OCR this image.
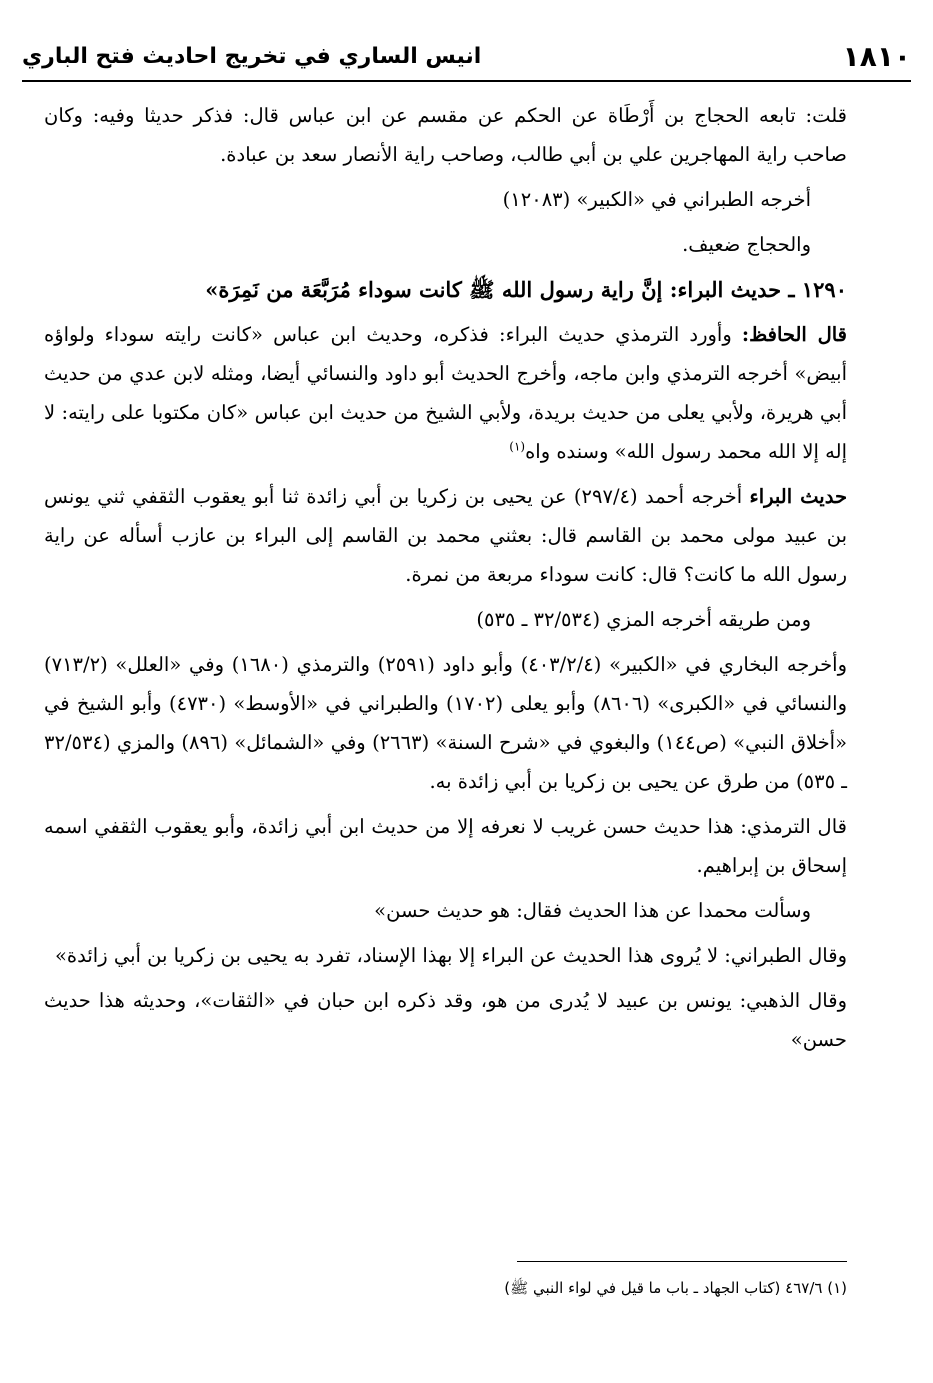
١٨١٠
انيس الساري في تخريج احاديث فتح الباري

قلت: تابعه الحجاج بن أَرْطَاة عن الحكم عن مقسم عن ابن عباس قال: فذكر حديثا وفيه: وكان صاحب راية المهاجرين علي بن أبي طالب، وصاحب راية الأنصار سعد بن عبادة.

أخرجه الطبراني في «الكبير» (١٢٠٨٣)

والحجاج ضعيف.

١٢٩٠ ـ حديث البراء: إنَّ راية رسول الله ﷺ كانت سوداء مُرَبَّعَة من نَمِرَة»

قال الحافظ: وأورد الترمذي حديث البراء: فذكره، وحديث ابن عباس «كانت رايته سوداء ولواؤه أبيض» أخرجه الترمذي وابن ماجه، وأخرج الحديث أبو داود والنسائي أيضا، ومثله لابن عدي من حديث أبي هريرة، ولأبي يعلى من حديث بريدة، ولأبي الشيخ من حديث ابن عباس «كان مكتوبا على رايته: لا إله إلا الله محمد رسول الله» وسنده واه$^{(١)}$

حديث البراء أخرجه أحمد (٢٩٧/٤) عن يحيى بن زكريا بن أبي زائدة ثنا أبو يعقوب الثقفي ثني يونس بن عبيد مولى محمد بن القاسم قال: بعثني محمد بن القاسم إلى البراء بن عازب أسأله عن راية رسول الله ما كانت؟ قال: كانت سوداء مربعة من نمرة.

ومن طريقه أخرجه المزي (٣٢/٥٣٤ ـ ٥٣٥)

وأخرجه البخاري في «الكبير» (٤٠٣/٢/٤) وأبو داود (٢٥٩١) والترمذي (١٦٨٠) وفي «العلل» (٧١٣/٢) والنسائي في «الكبرى» (٨٦٠٦) وأبو يعلى (١٧٠٢) والطبراني في «الأوسط» (٤٧٣٠) وأبو الشيخ في «أخلاق النبي» (ص١٤٤) والبغوي في «شرح السنة» (٢٦٦٣) وفي «الشمائل» (٨٩٦) والمزي (٣٢/٥٣٤ ـ ٥٣٥) من طرق عن يحيى بن زكريا بن أبي زائدة به.

قال الترمذي: هذا حديث حسن غريب لا نعرفه إلا من حديث ابن أبي زائدة، وأبو يعقوب الثقفي اسمه إسحاق بن إبراهيم.

وسألت محمدا عن هذا الحديث فقال: هو حديث حسن»

وقال الطبراني: لا يُروى هذا الحديث عن البراء إلا بهذا الإسناد، تفرد به يحيى بن زكريا بن أبي زائدة»

وقال الذهبي: يونس بن عبيد لا يُدرى من هو، وقد ذكره ابن حبان في «الثقات»، وحديثه هذا حديث حسن»

(١) ٤٦٧/٦ (كتاب الجهاد ـ باب ما قيل في لواء النبي ﷺ)
